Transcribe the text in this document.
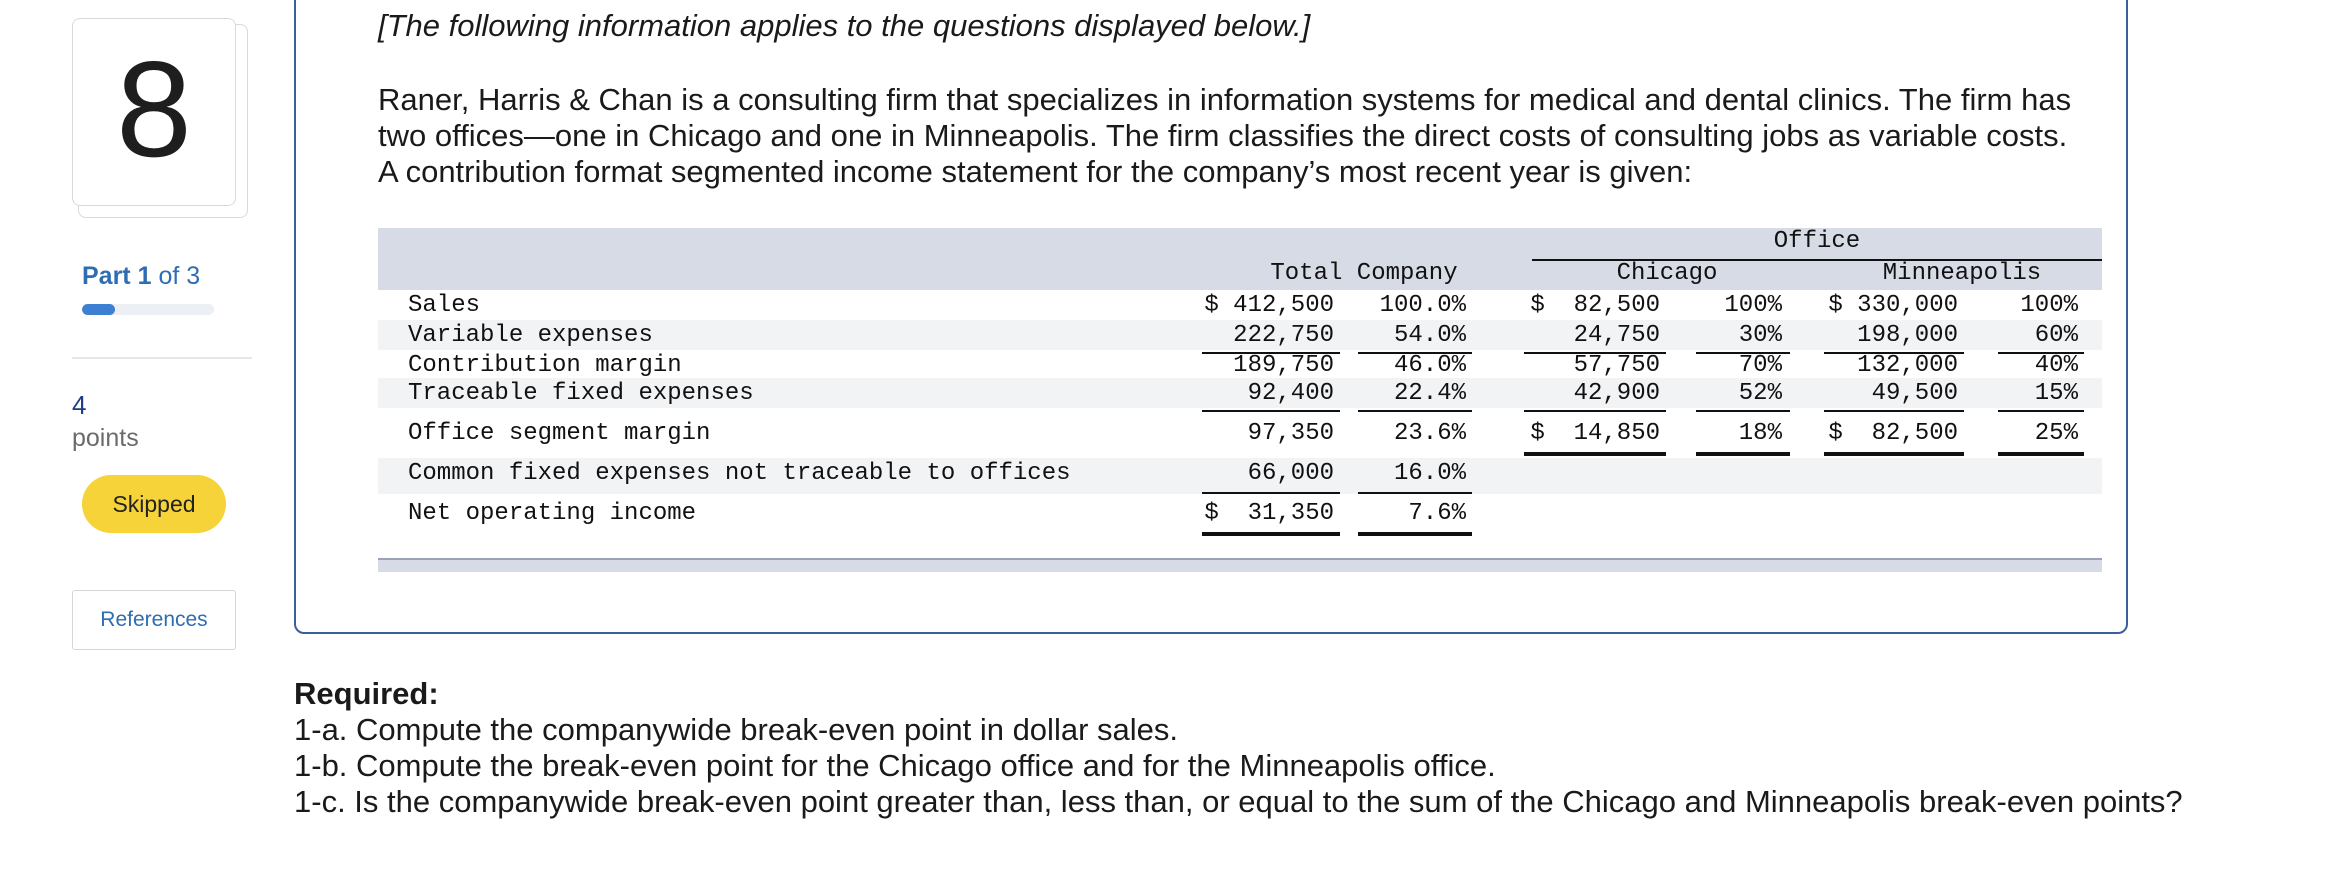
8
Part 1 of 3
4
points
Skipped
References
[The following information applies to the questions displayed below.]
Raner, Harris & Chan is a consulting firm that specializes in information systems for medical and dental clinics. The firm has two offices—one in Chicago and one in Minneapolis. The firm classifies the direct costs of consulting jobs as variable costs. A contribution format segmented income statement for the company’s most recent year is given:
Office
Total Company	Chicago	Minneapolis
Sales	$ 412,500	100.0%	$  82,500	100%	$ 330,000	100%
Variable expenses	222,750	54.0%	24,750	30%	198,000	60%
Contribution margin	189,750	46.0%	57,750	70%	132,000	40%
Traceable fixed expenses	92,400	22.4%	42,900	52%	49,500	15%
Office segment margin	97,350	23.6%	$  14,850	18%	$  82,500	25%
Common fixed expenses not traceable to offices	66,000	16.0%
Net operating income	$  31,350	7.6%
Required:
1-a. Compute the companywide break-even point in dollar sales.
1-b. Compute the break-even point for the Chicago office and for the Minneapolis office.
1-c. Is the companywide break-even point greater than, less than, or equal to the sum of the Chicago and Minneapolis break-even points?
